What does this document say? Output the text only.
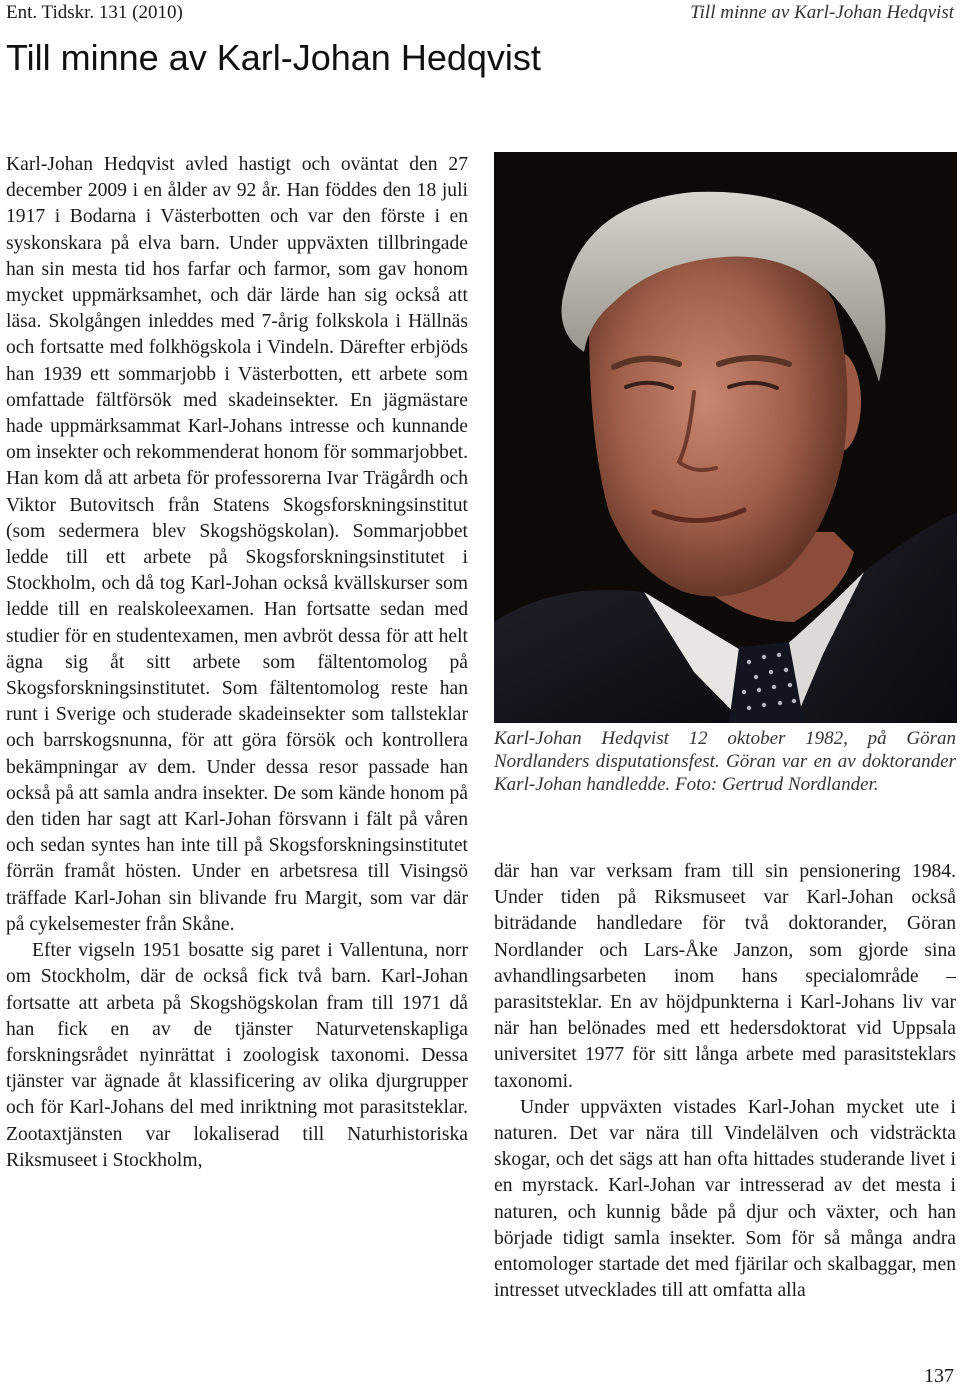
Ent. Tidskr. 131 (2010)	Till minne av Karl-Johan Hedqvist
Till minne av Karl-Johan Hedqvist

Karl-Johan Hedqvist avled hastigt och oväntat den 27 december 2009 i en ålder av 92 år. Han föddes den 18 juli 1917 i Bodarna i Västerbotten och var den förste i en syskonskara på elva barn. Under uppväxten tillbringade han sin mesta tid hos farfar och farmor, som gav honom mycket uppmärksamhet, och där lärde han sig också att läsa. Skolgången inleddes med 7-årig folkskola i Hällnäs och fortsatte med folkhögskola i Vindeln. Därefter erbjöds han 1939 ett sommarjobb i Västerbotten, ett arbete som omfattade fältförsök med skadeinsekter. En jägmästare hade uppmärksammat Karl-Johans intresse och kunnande om insekter och rekommenderat honom för sommarjobbet. Han kom då att arbeta för professorerna Ivar Trägårdh och Viktor Butovitsch från Statens Skogsforskningsinstitut (som sedermera blev Skogshögskolan). Sommarjobbet ledde till ett arbete på Skogsforskningsinstitutet i Stockholm, och då tog Karl-Johan också kvällskurser som ledde till en realskoleexamen. Han fortsatte sedan med studier för en studentexamen, men avbröt dessa för att helt ägna sig åt sitt arbete som fältentomolog på Skogsforskningsinstitutet. Som fältentomolog reste han runt i Sverige och studerade skadeinsekter som tallsteklar och barrskogsnunna, för att göra försök och kontrollera bekämpningar av dem. Under dessa resor passade han också på att samla andra insekter. De som kände honom på den tiden har sagt att Karl-Johan försvann i fält på våren och sedan syntes han inte till på Skogsforskningsinstitutet förrän framåt hösten. Under en arbetsresa till Visingsö träffade Karl-Johan sin blivande fru Margit, som var där på cykelsemester från Skåne.

Efter vigseln 1951 bosatte sig paret i Vallentuna, norr om Stockholm, där de också fick två barn. Karl-Johan fortsatte att arbeta på Skogshögskolan fram till 1971 då han fick en av de tjänster Naturvetenskapliga forskningsrådet nyinrättat i zoologisk taxonomi. Dessa tjänster var ägnade åt klassificering av olika djurgrupper och för Karl-Johans del med inriktning mot parasitsteklar. Zootaxtjänsten var lokaliserad till Naturhistoriska Riksmuseet i Stockholm,

Karl-Johan Hedqvist 12 oktober 1982, på Göran Nordlanders disputationsfest. Göran var en av doktorander Karl-Johan handledde. Foto: Gertrud Nordlander.

där han var verksam fram till sin pensionering 1984. Under tiden på Riksmuseet var Karl-Johan också biträdande handledare för två doktorander, Göran Nordlander och Lars-Åke Janzon, som gjorde sina avhandlingsarbeten inom hans specialområde – parasitsteklar. En av höjdpunkterna i Karl-Johans liv var när han belönades med ett hedersdoktorat vid Uppsala universitet 1977 för sitt långa arbete med parasitsteklars taxonomi.

Under uppväxten vistades Karl-Johan mycket ute i naturen. Det var nära till Vindelälven och vidsträckta skogar, och det sägs att han ofta hittades studerande livet i en myrstack. Karl-Johan var intresserad av det mesta i naturen, och kunnig både på djur och växter, och han började tidigt samla insekter. Som för så många andra entomologer startade det med fjärilar och skalbaggar, men intresset utvecklades till att omfatta alla

137
